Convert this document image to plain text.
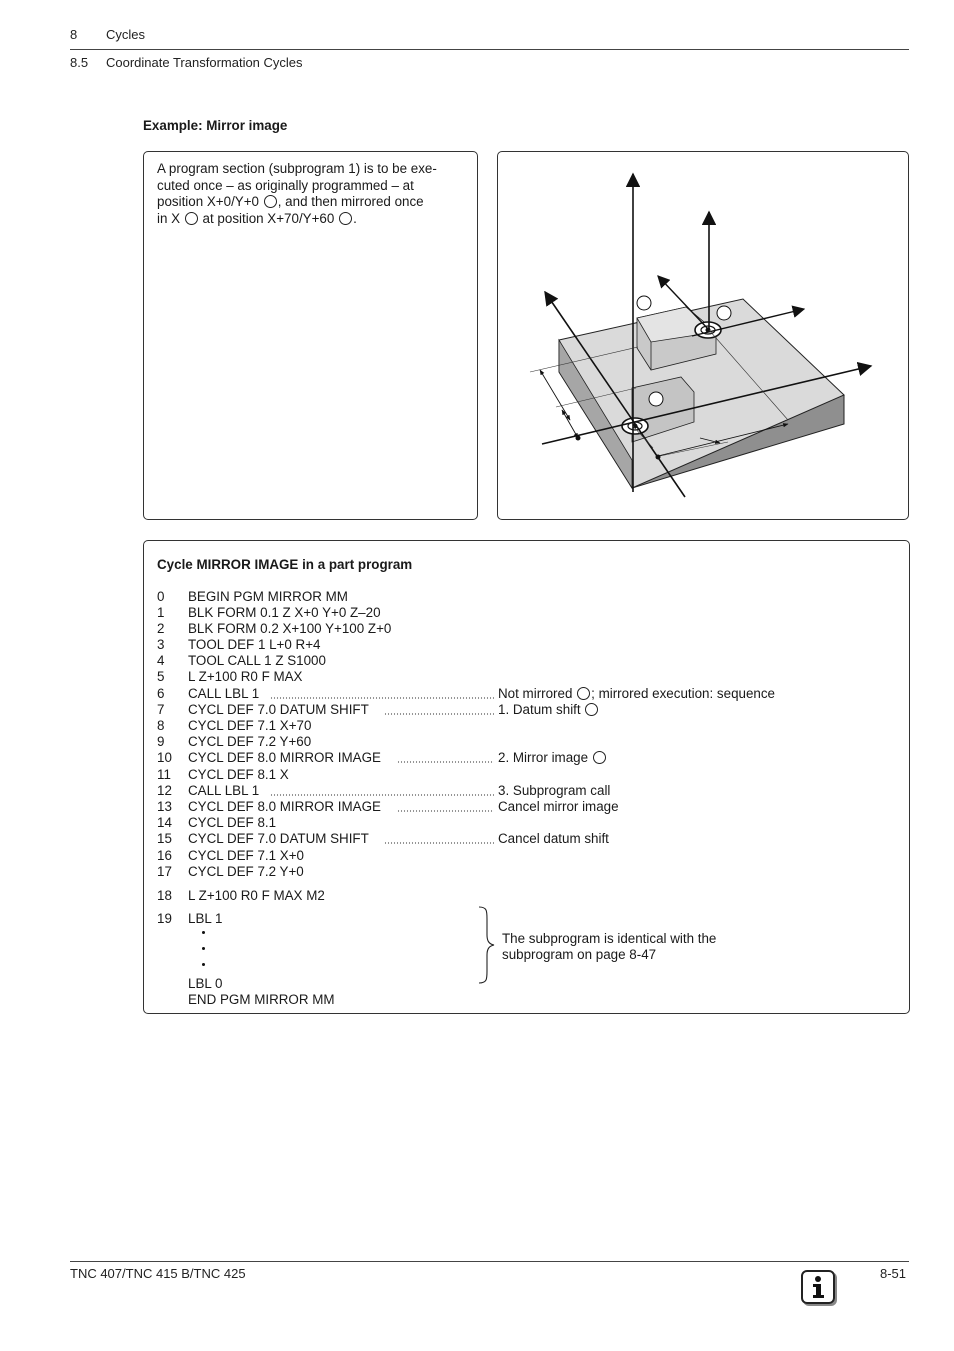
8 Cycles
8.5 Coordinate Transformation Cycles
Example: Mirror image
A program section (subprogram 1) is to be exe-
cuted once – as originally programmed – at
position X+0/Y+0 , and then mirrored once
in X at position X+70/Y+60 .
Cycle MIRROR IMAGE in a part program
0 BEGIN PGM MIRROR MM
1 BLK FORM 0.1 Z X+0 Y+0 Z–20
2 BLK FORM 0.2 X+100 Y+100 Z+0
3 TOOL DEF 1 L+0 R+4
4 TOOL CALL 1 Z S1000
5 L Z+100 R0 F MAX
6 CALL LBL 1	Not mirrored ; mirrored execution: sequence
7 CYCL DEF 7.0 DATUM SHIFT	1. Datum shift
8 CYCL DEF 7.1 X+70
9 CYCL DEF 7.2 Y+60
10 CYCL DEF 8.0 MIRROR IMAGE	2. Mirror image
11 CYCL DEF 8.1 X
12 CALL LBL 1	3. Subprogram call
13 CYCL DEF 8.0 MIRROR IMAGE	Cancel mirror image
14 CYCL DEF 8.1
15 CYCL DEF 7.0 DATUM SHIFT	Cancel datum shift
16 CYCL DEF 7.1 X+0
17 CYCL DEF 7.2 Y+0
18 L Z+100 R0 F MAX M2
19 LBL 1
LBL 0
END PGM MIRROR MM
The subprogram is identical with the
subprogram on page 8-47
TNC 407/TNC 415 B/TNC 425	8-51
